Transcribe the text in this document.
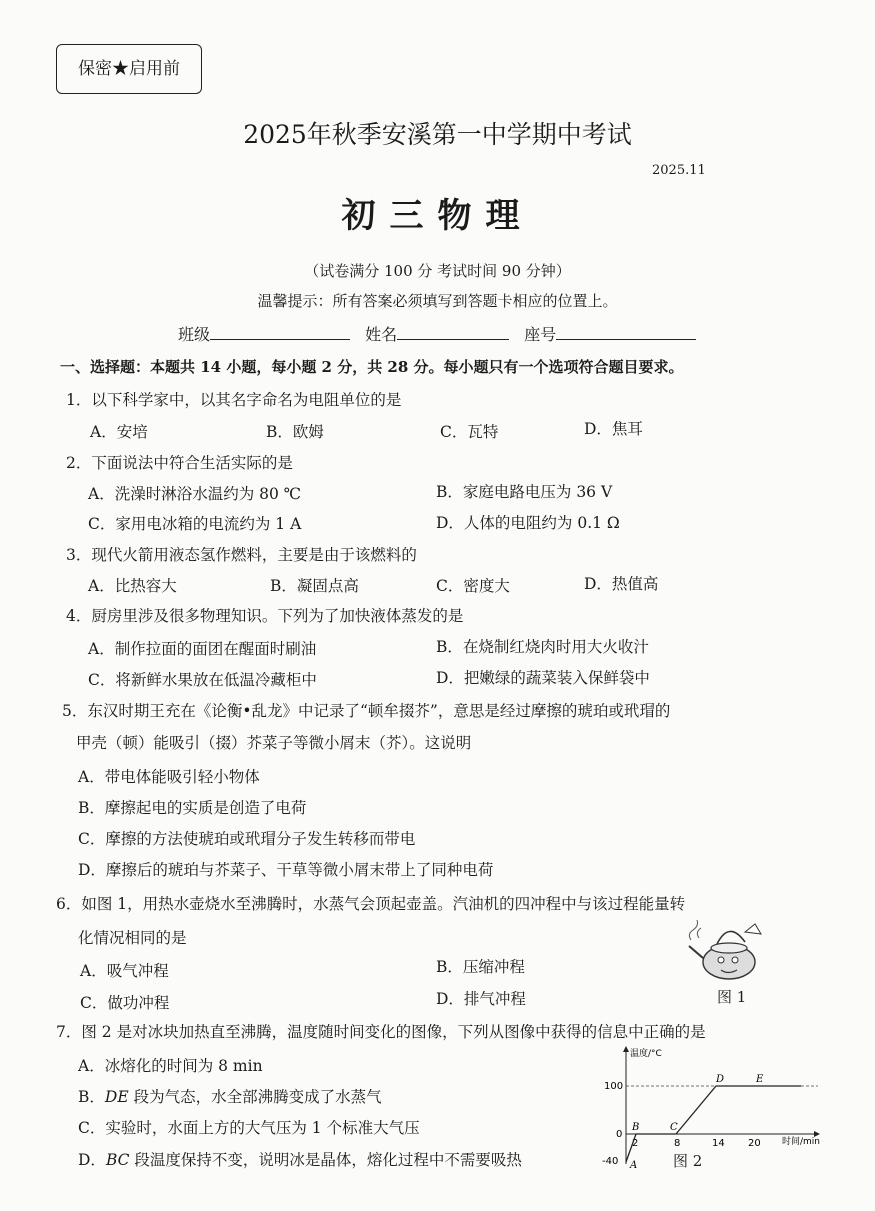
保密★启用前
2025年秋季安溪第一中学期中考试
2025.11
初三物理
（试卷满分 100 分 考试时间 90 分钟）
温馨提示：所有答案必须填写到答题卡相应的位置上。
班级	姓名	座号
一、选择题：本题共 14 小题，每小题 2 分，共 28 分。每小题只有一个选项符合题目要求。
1．以下科学家中，以其名字命名为电阻单位的是
A．安培	B．欧姆	C．瓦特	D．焦耳
2．下面说法中符合生活实际的是
A．洗澡时淋浴水温约为 80 ℃	B．家庭电路电压为 36 V
C．家用电冰箱的电流约为 1 A	D．人体的电阻约为 0.1 Ω
3．现代火箭用液态氢作燃料，主要是由于该燃料的
A．比热容大	B．凝固点高	C．密度大	D．热值高
4．厨房里涉及很多物理知识。下列为了加快液体蒸发的是
A．制作拉面的面团在醒面时刷油	B．在烧制红烧肉时用大火收汁
C．将新鲜水果放在低温冷藏柜中	D．把嫩绿的蔬菜装入保鲜袋中
5．东汉时期王充在《论衡•乱龙》中记录了“顿牟掇芥”，意思是经过摩擦的琥珀或玳瑁的
甲壳（顿）能吸引（掇）芥菜子等微小屑末（芥）。这说明
A．带电体能吸引轻小物体
B．摩擦起电的实质是创造了电荷
C．摩擦的方法使琥珀或玳瑁分子发生转移而带电
D．摩擦后的琥珀与芥菜子、干草等微小屑末带上了同种电荷
6．如图 1，用热水壶烧水至沸腾时，水蒸气会顶起壶盖。汽油机的四冲程中与该过程能量转
化情况相同的是
A．吸气冲程	B．压缩冲程
C．做功冲程	D．排气冲程	图 1
7．图 2 是对冰块加热直至沸腾，温度随时间变化的图像，下列从图像中获得的信息中正确的是
A．冰熔化的时间为 8 min
B．DE 段为气态，水全部沸腾变成了水蒸气
C．实验时，水面上方的大气压为 1 个标准大气压
D．BC 段温度保持不变，说明冰是晶体，熔化过程中不需要吸热
温度/°C
时间/min
100
0
-40
2	8	14 20
A
B	C
D	E
图 2
